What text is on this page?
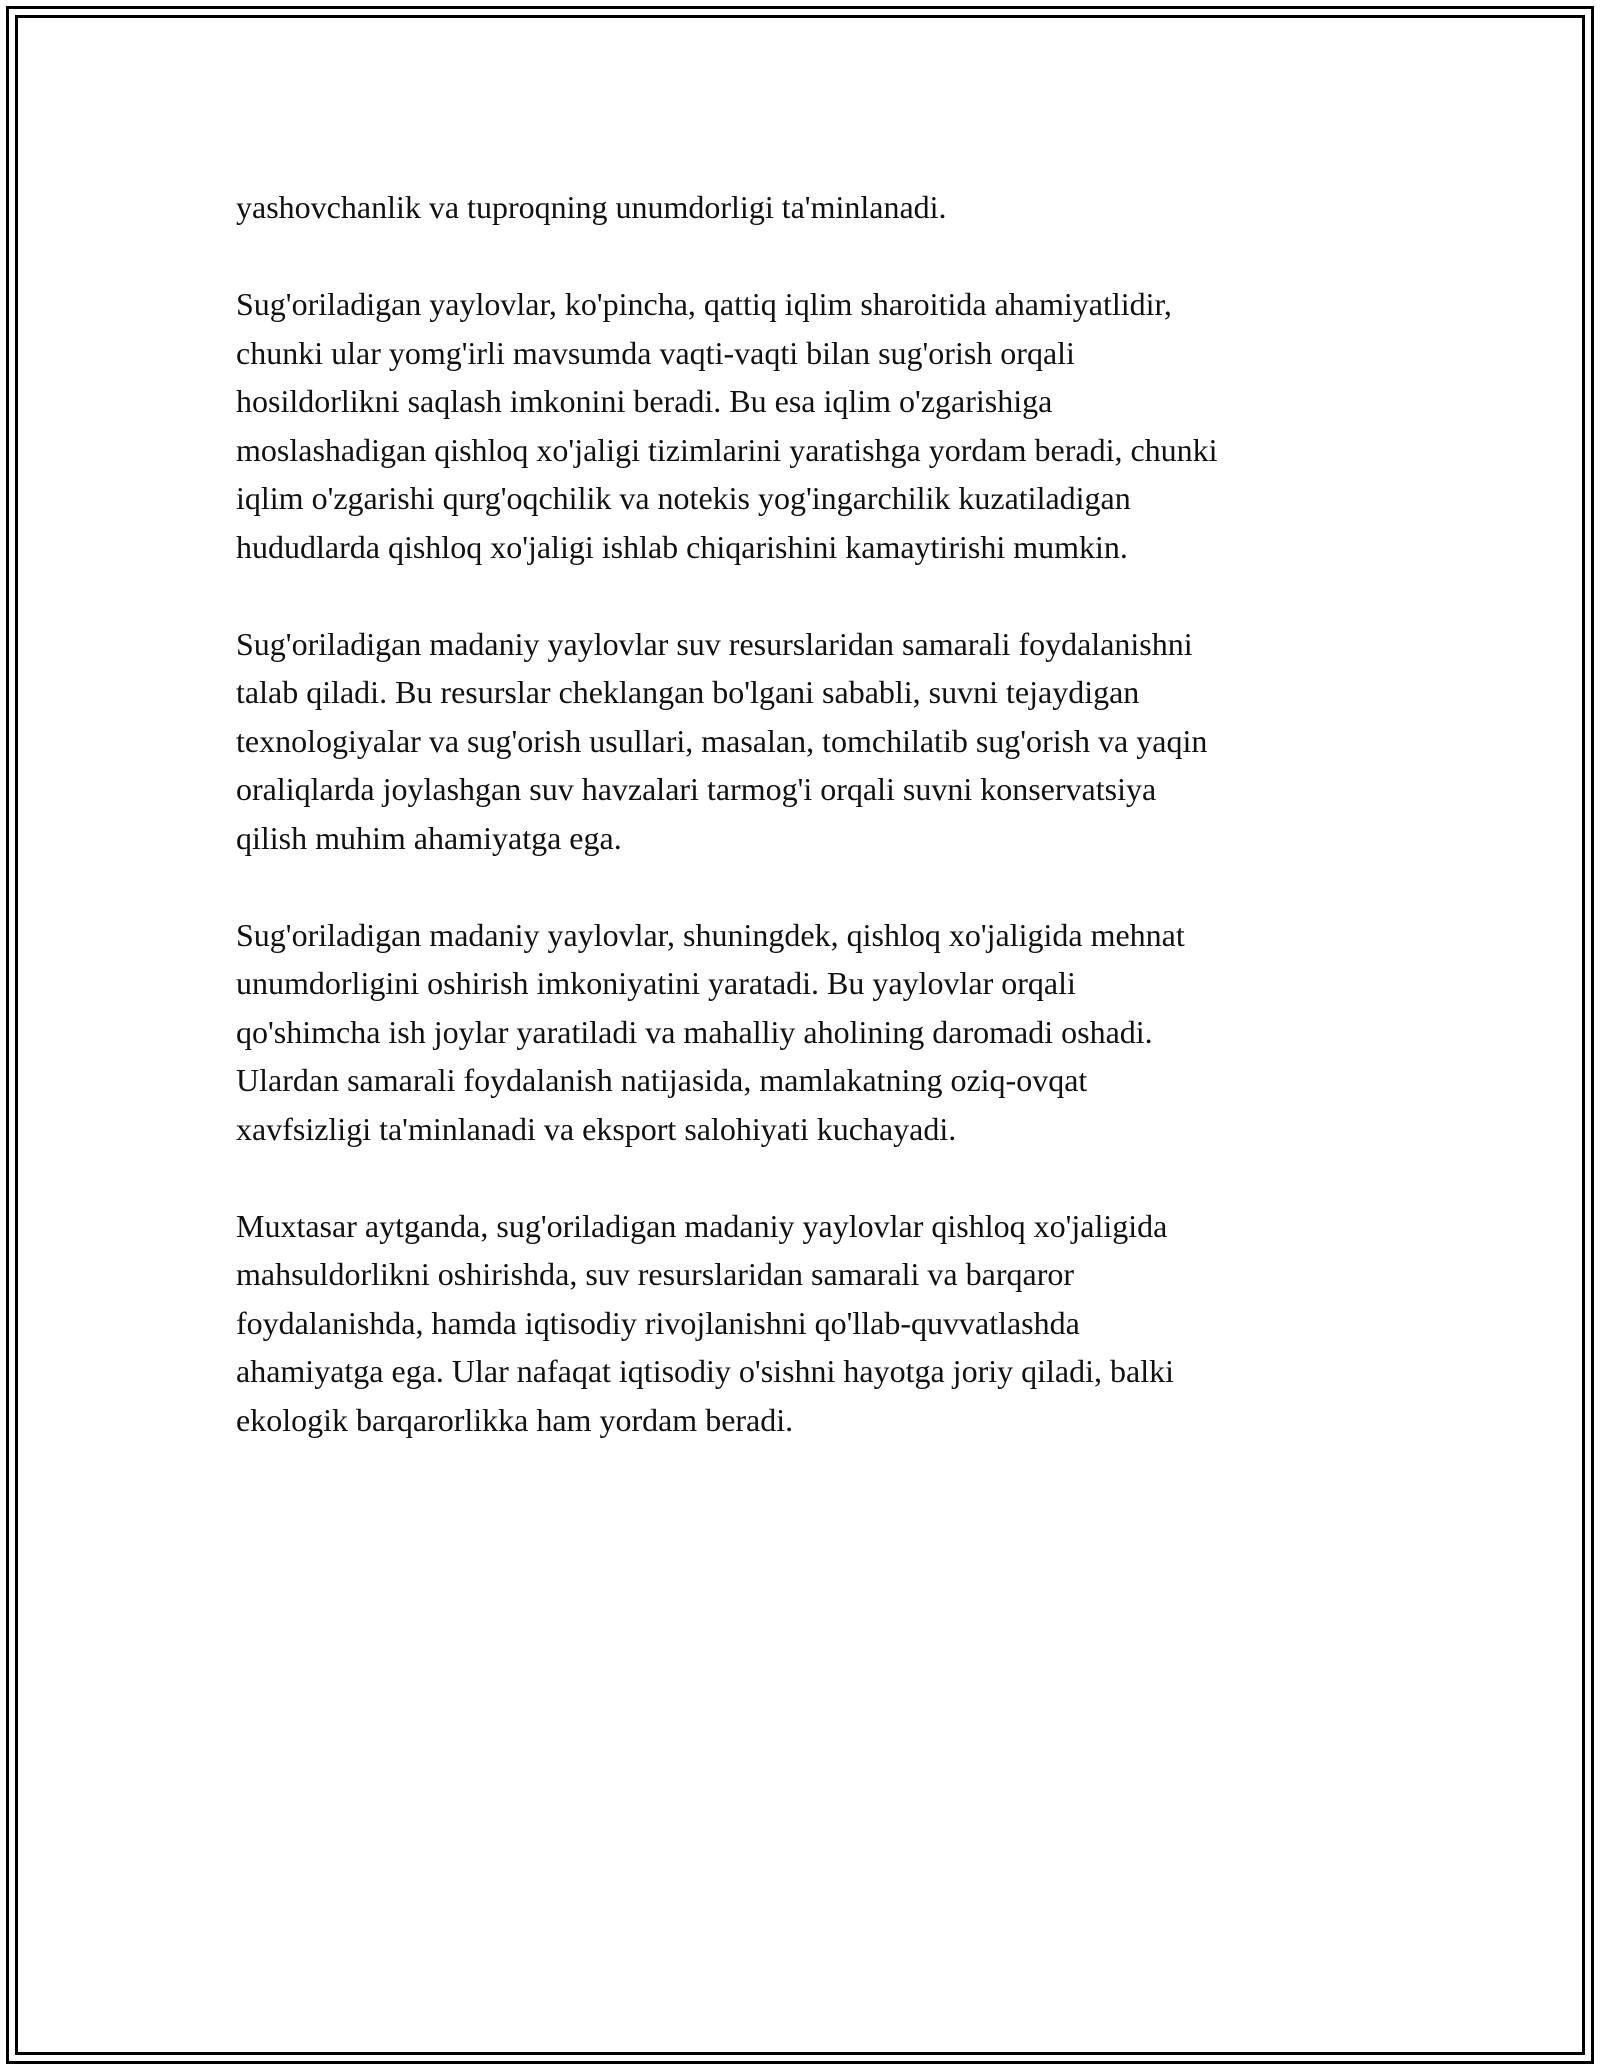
yashovchanlik va tuproqning unumdorligi ta'minlanadi.

Sug'oriladigan yaylovlar, ko'pincha, qattiq iqlim sharoitida ahamiyatlidir,
chunki ular yomg'irli mavsumda vaqti-vaqti bilan sug'orish orqali
hosildorlikni saqlash imkonini beradi. Bu esa iqlim o'zgarishiga
moslashadigan qishloq xo'jaligi tizimlarini yaratishga yordam beradi, chunki
iqlim o'zgarishi qurg'oqchilik va notekis yog'ingarchilik kuzatiladigan
hududlarda qishloq xo'jaligi ishlab chiqarishini kamaytirishi mumkin.

Sug'oriladigan madaniy yaylovlar suv resurslaridan samarali foydalanishni
talab qiladi. Bu resurslar cheklangan bo'lgani sababli, suvni tejaydigan
texnologiyalar va sug'orish usullari, masalan, tomchilatib sug'orish va yaqin
oraliqlarda joylashgan suv havzalari tarmog'i orqali suvni konservatsiya
qilish muhim ahamiyatga ega.

Sug'oriladigan madaniy yaylovlar, shuningdek, qishloq xo'jaligida mehnat
unumdorligini oshirish imkoniyatini yaratadi. Bu yaylovlar orqali
qo'shimcha ish joylar yaratiladi va mahalliy aholining daromadi oshadi.
Ulardan samarali foydalanish natijasida, mamlakatning oziq-ovqat
xavfsizligi ta'minlanadi va eksport salohiyati kuchayadi.

Muxtasar aytganda, sug'oriladigan madaniy yaylovlar qishloq xo'jaligida
mahsuldorlikni oshirishda, suv resurslaridan samarali va barqaror
foydalanishda, hamda iqtisodiy rivojlanishni qo'llab-quvvatlashda
ahamiyatga ega. Ular nafaqat iqtisodiy o'sishni hayotga joriy qiladi, balki
ekologik barqarorlikka ham yordam beradi.
